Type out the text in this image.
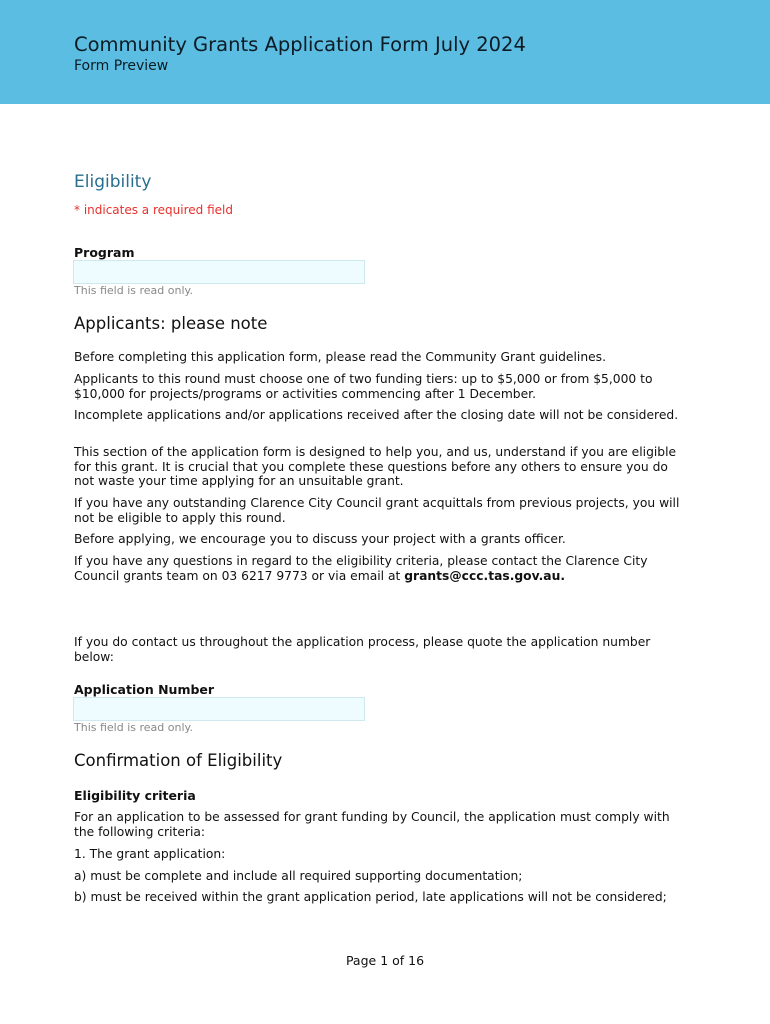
Community Grants Application Form July 2024
Form Preview
Eligibility
* indicates a required field
Program
This field is read only.
Applicants: please note
Before completing this application form, please read the Community Grant guidelines.
Applicants to this round must choose one of two funding tiers: up to $5,000 or from $5,000 to $10,000 for projects/programs or activities commencing after 1 December.
Incomplete applications and/or applications received after the closing date will not be considered.
This section of the application form is designed to help you, and us, understand if you are eligible for this grant. It is crucial that you complete these questions before any others to ensure you do not waste your time applying for an unsuitable grant.
If you have any outstanding Clarence City Council grant acquittals from previous projects, you will not be eligible to apply this round.
Before applying, we encourage you to discuss your project with a grants officer.
If you have any questions in regard to the eligibility criteria, please contact the Clarence City Council grants team on 03 6217 9773 or via email at grants@ccc.tas.gov.au.
If you do contact us throughout the application process, please quote the application number below:
Application Number
This field is read only.
Confirmation of Eligibility
Eligibility criteria
For an application to be assessed for grant funding by Council, the application must comply with the following criteria:
1. The grant application:
a) must be complete and include all required supporting documentation;
b) must be received within the grant application period, late applications will not be considered;
Page 1 of 16
